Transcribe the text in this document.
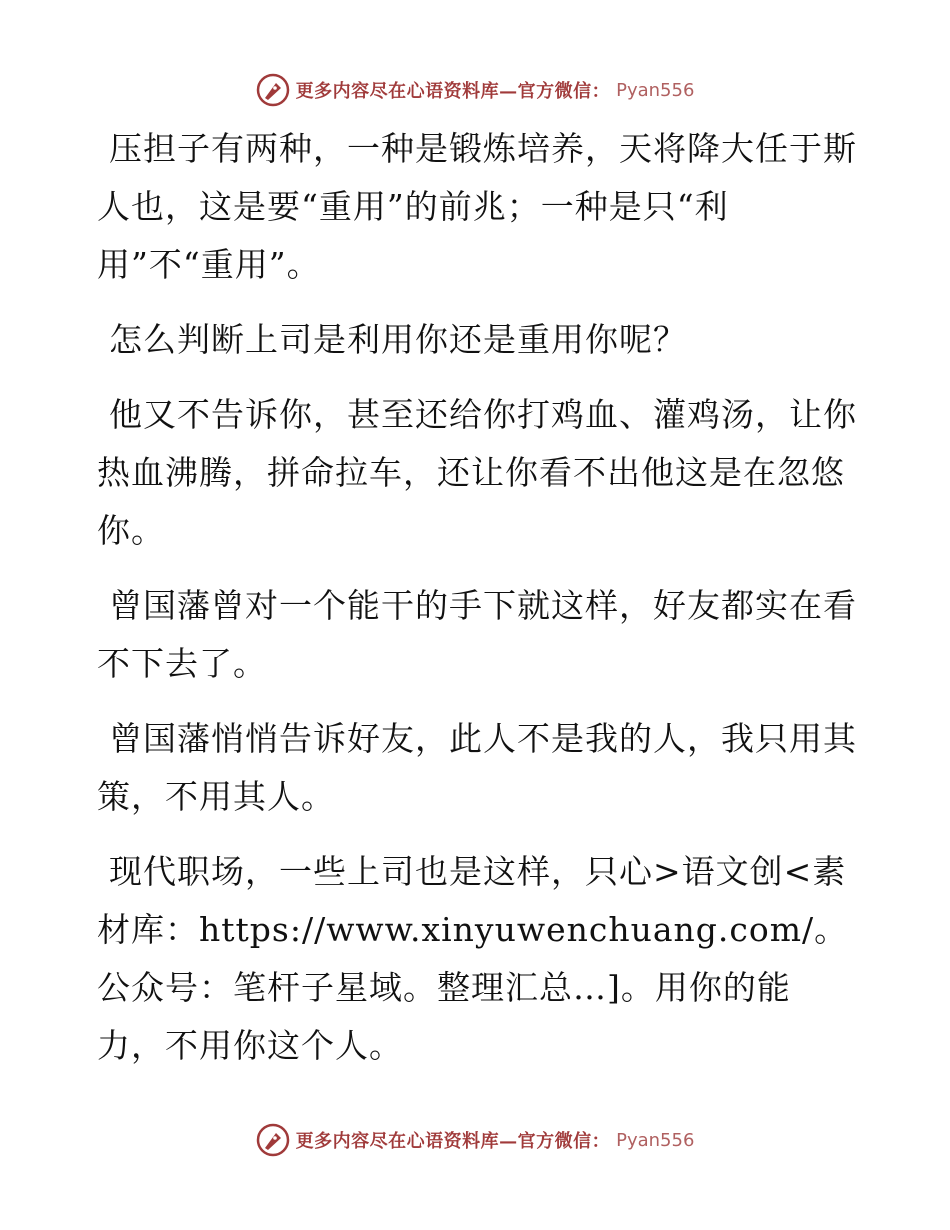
更多内容尽在心语资料库—官方微信： Pyan556

压担子有两种，一种是锻炼培养，天将降大任于斯人也，这是要“重用”的前兆；一种是只“利用”不“重用”。

怎么判断上司是利用你还是重用你呢？

他又不告诉你，甚至还给你打鸡血、灌鸡汤，让你热血沸腾，拼命拉车，还让你看不出他这是在忽悠你。

曾国藩曾对一个能干的手下就这样，好友都实在看不下去了。

曾国藩悄悄告诉好友，此人不是我的人，我只用其策，不用其人。

现代职场，一些上司也是这样，只心>语文创<素材库：https://www.xinyuwenchuang.com/。公众号：笔杆子星域。整理汇总…]。用你的能力，不用你这个人。

更多内容尽在心语资料库—官方微信： Pyan556
